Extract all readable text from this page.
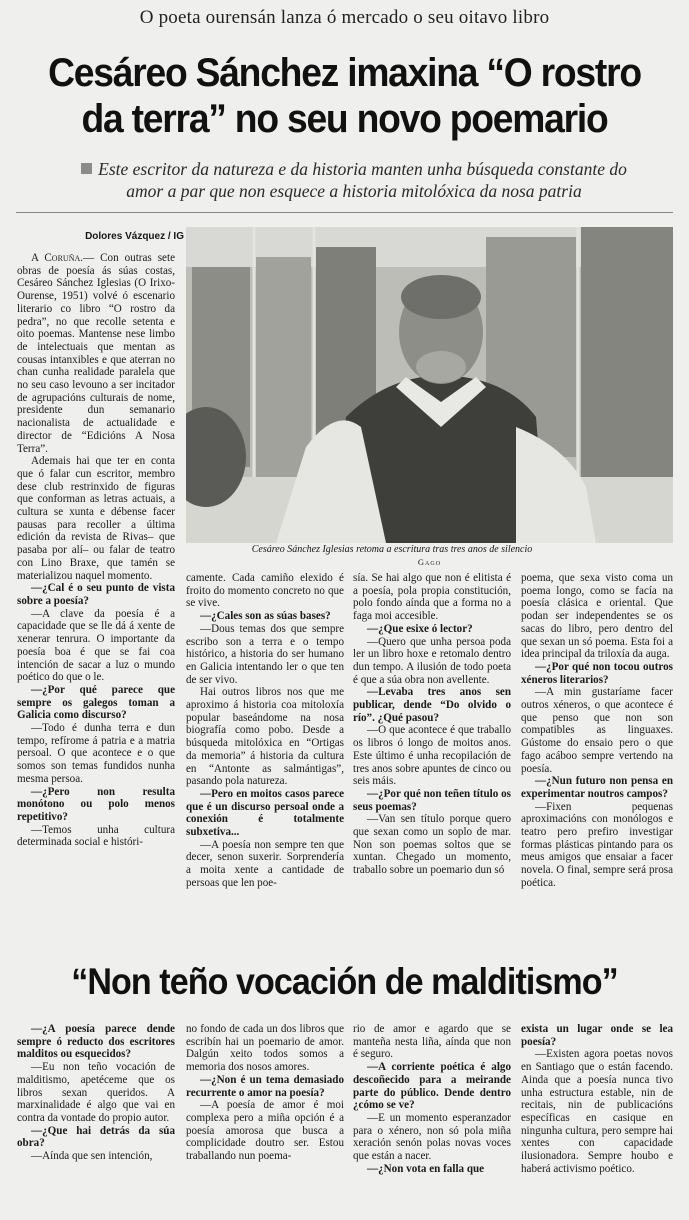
O poeta ourensán lanza ó mercado o seu oitavo libro
Cesáreo Sánchez imaxina “O rostro
da terra” no seu novo poemario
Este escritor da natureza e da historia manten unha búsqueda constante do
amor a par que non esquece a historia mitolóxica da nosa patria
Dolores Vázquez / IG

A Coruña.— Con outras sete obras de poesía ás súas costas, Cesáreo Sánchez Iglesias (O Irixo-Ourense, 1951) volvé ó escenario literario co libro “O rostro da pedra”, no que recolle setenta e oito poemas. Mantense nese limbo de intelectuais que mentan as cousas intanxibles e que aterran no chan cunha realidade paralela que no seu caso levouno a ser incitador de agrupacións culturais de nome, presidente dun semanario nacionalista de actualidade e director de “Edicións A Nosa Terra”.

Ademais hai que ter en conta que ó falar cun escritor, membro dese club restrinxido de figuras que conforman as letras actuais, a cultura se xunta e débense facer pausas para recoller a última edición da revista de Rivas– que pasaba por alí– ou falar de teatro con Lino Braxe, que tamén se materializou naquel momento.

—¿Cal é o seu punto de vista sobre a poesía?

—A clave da poesía é a capacidade que se lle dá á xente de xenerar tenrura. O importante da poesía boa é que se fai coa intención de sacar a luz o mundo poético do que o le.

—¿Por qué parece que sempre os galegos toman a Galicia como discurso?

—Todo é dunha terra e dun tempo, refírome á patria e a matria persoal. O que acontece e o que somos son temas fundidos nunha mesma persoa.

—¿Pero non resulta monótono ou polo menos repetitivo?

—Temos unha cultura determinada social e históri-

Cesáreo Sánchez Iglesias retoma a escritura tras tres anos de silencio
Gago

camente. Cada camiño elexido é froito do momento concreto no que se vive.

—¿Cales son as súas bases?

—Dous temas dos que sempre escribo son a terra e o tempo histórico, a historia do ser humano en Galicia intentando ler o que ten de ser vivo.

Hai outros libros nos que me aproximo á historia coa mitoloxía popular baseándome na nosa biografía como pobo. Desde a búsqueda mitolóxica en “Ortigas da memoria” á historia da cultura en “Antonte as salmántigas”, pasando pola natureza.

—Pero en moitos casos parece que é un discurso persoal onde a conexión é totalmente subxetiva...

—A poesía non sempre ten que decer, senon suxerir. Sorprendería a moita xente a cantidade de persoas que len poe-

sía. Se hai algo que non é elitista é a poesía, pola propia constitución, polo fondo aínda que a forma no a faga moi accesible.

—¿Que esixe ó lector?

—Quero que unha persoa poda ler un libro hoxe e retomalo dentro dun tempo. A ilusión de todo poeta é que a súa obra non avellente.

—Levaba tres anos sen publicar, dende “Do olvido o río”. ¿Qué pasou?

—O que acontece é que traballo os libros ó longo de moitos anos. Este último é unha recopilación de tres anos sobre apuntes de cinco ou seis máis.

—¿Por qué non teñen título os seus poemas?

—Van sen título porque quero que sexan como un soplo de mar. Non son poemas soltos que se xuntan. Chegado un momento, traballo sobre un poemario dun só

poema, que sexa visto coma un poema longo, como se facía na poesía clásica e oriental. Que podan ser independentes se os sacas do libro, pero dentro del que sexan un só poema. Esta foi a idea principal da triloxía da auga.

—¿Por qué non tocou outros xéneros literarios?

—A min gustaríame facer outros xéneros, o que acontece é que penso que non son compatibles as linguaxes. Gústome do ensaio pero o que fago acáboo sempre vertendo na poesía.

—¿Nun futuro non pensa en experimentar noutros campos?

—Fixen pequenas aproximacións con monólogos e teatro pero prefiro investigar formas plásticas pintando para os meus amigos que ensaiar a facer novela. O final, sempre será prosa poética.

“Non teño vocación de malditismo”

—¿A poesía parece dende sempre ó reducto dos escritores malditos ou esquecidos?

—Eu non teño vocación de malditismo, apetéceme que os libros sexan queridos. A marxinalidade é algo que vai en contra da vontade do propio autor.

—¿Que hai detrás da súa obra?

—Aínda que sen intención,

no fondo de cada un dos libros que escribín hai un poemario de amor. Dalgún xeito todos somos a memoria dos nosos amores.

—¿Non é un tema demasiado recurrente o amor na poesía?

—A poesía de amor é moi complexa pero a miña opción é a poesía amorosa que busca a complicidade doutro ser. Estou traballando nun poema-

rio de amor e agardo que se manteña nesta liña, aínda que non é seguro.

—A corriente poética é algo descoñecido para a meirande parte do público. Dende dentro ¿cómo se ve?

—E un momento esperanzador para o xénero, non só pola miña xeración senón polas novas voces que están a nacer.

—¿Non vota en falla que

exista un lugar onde se lea poesía?

—Existen agora poetas novos en Santiago que o están facendo. Ainda que a poesía nunca tivo unha estructura estable, nin de recitais, nin de publicacións específicas en casique en ningunha cultura, pero sempre hai xentes con capacidade ilusionadora. Sempre houbo e haberá activismo poético.
